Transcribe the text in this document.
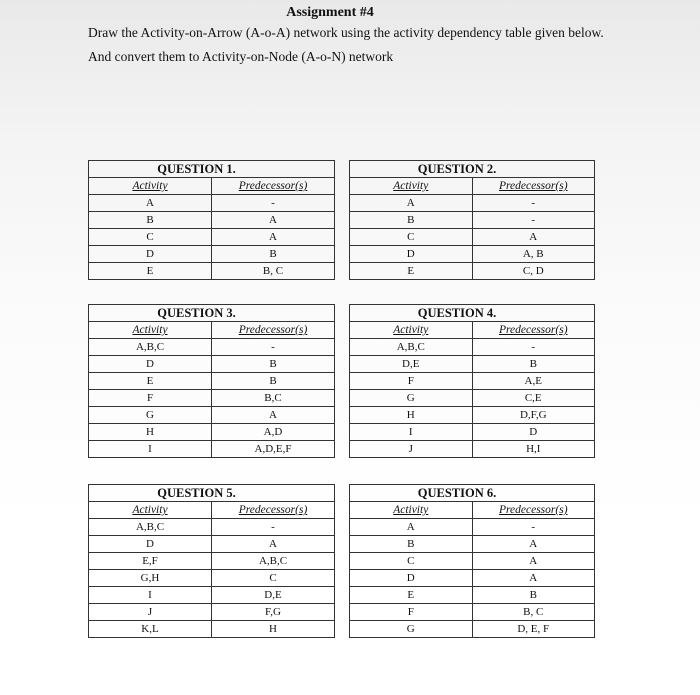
Assignment #4
Draw the Activity-on-Arrow (A-o-A) network using the activity dependency table given below. And convert them to Activity-on-Node (A-o-N) network
QUESTION 1.	
Activity	Predecessor(s)
A	-
B	A
C	A
D	B
E	B, C
QUESTION 2.	
Activity	Predecessor(s)
A	-
B	-
C	A
D	A, B
E	C, D
QUESTION 3.	
Activity	Predecessor(s)
A,B,C	-
D	B
E	B
F	B,C
G	A
H	A,D
I	A,D,E,F
QUESTION 4.	
Activity	Predecessor(s)
A,B,C	-
D,E	B
F	A,E
G	C,E
H	D,F,G
I	D
J	H,I
QUESTION 5.	
Activity	Predecessor(s)
A,B,C	-
D	A
E,F	A,B,C
G,H	C
I	D,E
J	F,G
K,L	H
QUESTION 6.	
Activity	Predecessor(s)
A	-
B	A
C	A
D	A
E	B
F	B, C
G	D, E, F
